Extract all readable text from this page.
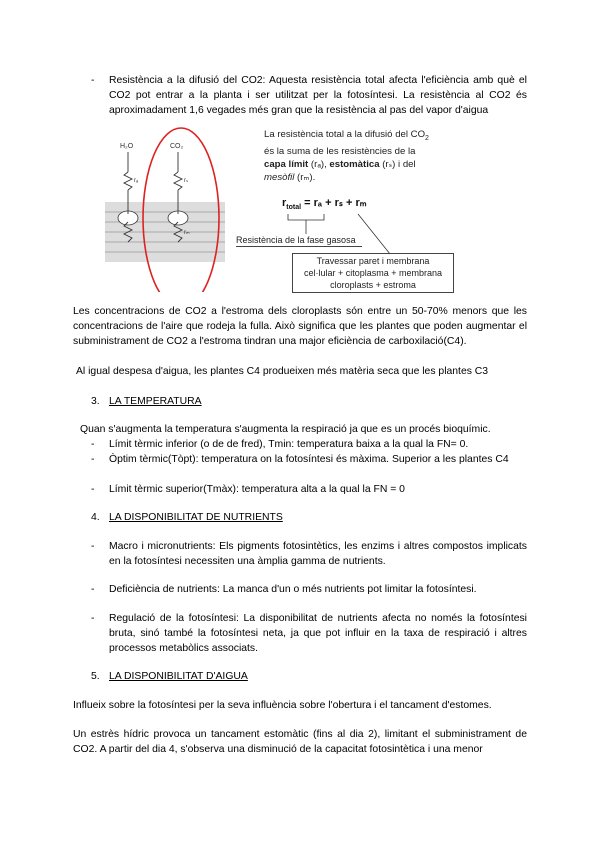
- Resistència a la difusió del CO2: Aquesta resistència total afecta l'eficiència amb què el CO2 pot entrar a la planta i ser utilitzat per la fotosíntesi. La resistència al CO2 és aproximadament 1,6 vegades més gran que la resistència al pas del vapor d'aigua
H₂O	CO₂
rₐ	rₛ
rₘ
La resistència total a la difusió del $CO_2$
és la suma de les resistències de la
capa límit (rₐ), estomàtica (rₛ) i del
mesòfil (rₘ).
$r_{total} = r_a + r_s + r_m$
Resistència de la fase gasosa
Travessar paret i membrana
cel·lular + citoplasma + membrana
cloroplasts + estroma
Les concentracions de CO2 a l'estroma dels cloroplasts són entre un 50-70% menors que les concentracions de l'aire que rodeja la fulla. Això significa que les plantes que poden augmentar el subministrament de CO2 a l'estroma tindran una major eficiència de carboxilació(C4).
Al igual despesa d'aigua, les plantes C4 produeixen més matèria seca que les plantes C3
3. LA TEMPERATURA
Quan s'augmenta la temperatura s'augmenta la respiració ja que es un procés bioquímic.
- Límit tèrmic inferior (o de de fred), Tmin: temperatura baixa a la qual la FN= 0.
- Òptim tèrmic(Tòpt): temperatura on la fotosíntesi és màxima. Superior a les plantes C4
- Límit tèrmic superior(Tmàx): temperatura alta a la qual la FN = 0
4. LA DISPONIBILITAT DE NUTRIENTS
- Macro i micronutrients: Els pigments fotosintètics, les enzims i altres compostos implicats en la fotosíntesi necessiten una àmplia gamma de nutrients.
- Deficiència de nutrients: La manca d'un o més nutrients pot limitar la fotosíntesi.
- Regulació de la fotosíntesi: La disponibilitat de nutrients afecta no només la fotosíntesi bruta, sinó també la fotosíntesi neta, ja que pot influir en la taxa de respiració i altres processos metabòlics associats.
5. LA DISPONIBILITAT D'AIGUA
Influeix sobre la fotosíntesi per la seva influència sobre l'obertura i el tancament d'estomes.
Un estrès hídric provoca un tancament estomàtic (fins al dia 2), limitant el subministrament de CO2. A partir del dia 4, s'observa una disminució de la capacitat fotosintètica i una menor
